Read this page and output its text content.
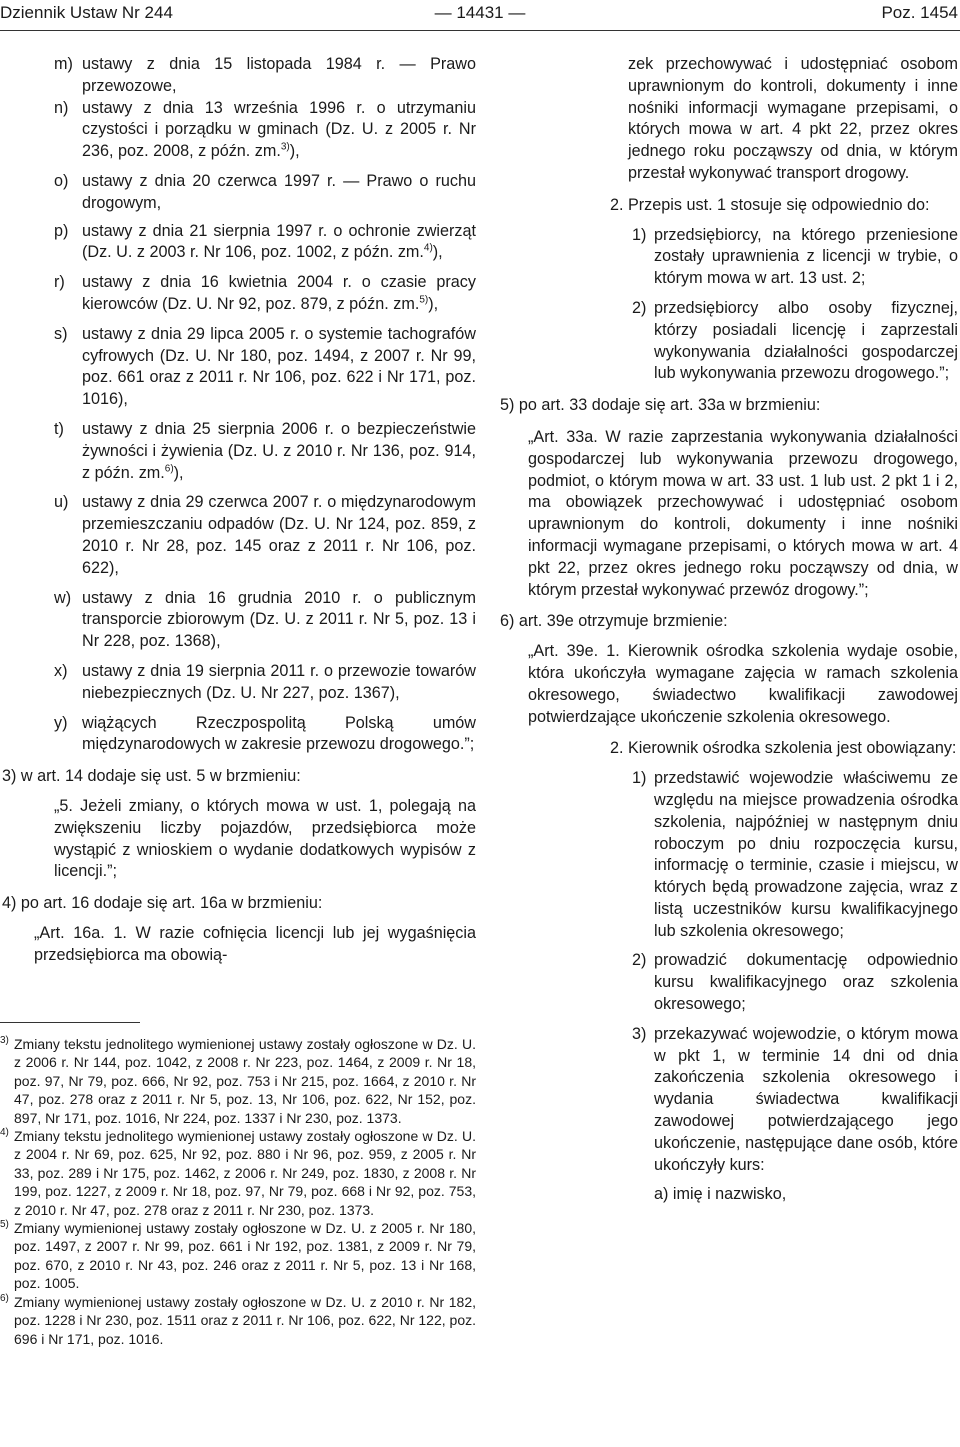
Dziennik Ustaw Nr 244	— 14431 —	Poz. 1454
m) ustawy z dnia 15 listopada 1984 r. — Prawo przewozowe,
n) ustawy z dnia 13 września 1996 r. o utrzymaniu czystości i porządku w gminach (Dz. U. z 2005 r. Nr 236, poz. 2008, z późn. zm.$^{3)}$),
o) ustawy z dnia 20 czerwca 1997 r. — Prawo o ruchu drogowym,
p) ustawy z dnia 21 sierpnia 1997 r. o ochronie zwierząt (Dz. U. z 2003 r. Nr 106, poz. 1002, z późn. zm.$^{4)}$),
r)	ustawy z dnia 16 kwietnia 2004 r. o czasie pracy kierowców (Dz. U. Nr 92, poz. 879, z późn. zm.$^{5)}$),
s) ustawy z dnia 29 lipca 2005 r. o systemie tachografów cyfrowych (Dz. U. Nr 180, poz. 1494, z 2007 r. Nr 99, poz. 661 oraz z 2011 r. Nr 106, poz. 622 i Nr 171, poz. 1016),
t)	ustawy z dnia 25 sierpnia 2006 r. o bezpieczeństwie żywności i żywienia (Dz. U. z 2010 r. Nr 136, poz. 914, z późn. zm.$^{6)}$),
u) ustawy z dnia 29 czerwca 2007 r. o międzynarodowym przemieszczaniu odpadów (Dz. U. Nr 124, poz. 859, z 2010 r. Nr 28, poz. 145 oraz z 2011 r. Nr 106, poz. 622),
w) ustawy z dnia 16 grudnia 2010 r. o publicznym transporcie zbiorowym (Dz. U. z 2011 r. Nr 5, poz. 13 i Nr 228, poz. 1368),
x) ustawy z dnia 19 sierpnia 2011 r. o przewozie towarów niebezpiecznych (Dz. U. Nr 227, poz. 1367),
y) wiążących Rzeczpospolitą Polską umów międzynarodowych w zakresie przewozu drogowego.”;
3) w art. 14 dodaje się ust. 5 w brzmieniu:
„5. Jeżeli zmiany, o których mowa w ust. 1, polegają na zwiększeniu liczby pojazdów, przedsiębiorca może wystąpić z wnioskiem o wydanie dodatkowych wypisów z licencji.”;
4) po art. 16 dodaje się art. 16a w brzmieniu:
„Art. 16a. 1. W razie cofnięcia licencji lub jej wygaśnięcia przedsiębiorca ma obowią-
3) Zmiany tekstu jednolitego wymienionej ustawy zostały ogłoszone w Dz. U. z 2006 r. Nr 144, poz. 1042, z 2008 r. Nr 223, poz. 1464, z 2009 r. Nr 18, poz. 97, Nr 79, poz. 666, Nr 92, poz. 753 i Nr 215, poz. 1664, z 2010 r. Nr 47, poz. 278 oraz z 2011 r. Nr 5, poz. 13, Nr 106, poz. 622, Nr 152, poz. 897, Nr 171, poz. 1016, Nr 224, poz. 1337 i Nr 230, poz. 1373.
4) Zmiany tekstu jednolitego wymienionej ustawy zostały ogłoszone w Dz. U. z 2004 r. Nr 69, poz. 625, Nr 92, poz. 880 i Nr 96, poz. 959, z 2005 r. Nr 33, poz. 289 i Nr 175, poz. 1462, z 2006 r. Nr 249, poz. 1830, z 2008 r. Nr 199, poz. 1227, z 2009 r. Nr 18, poz. 97, Nr 79, poz. 668 i Nr 92, poz. 753, z 2010 r. Nr 47, poz. 278 oraz z 2011 r. Nr 230, poz. 1373.
5) Zmiany wymienionej ustawy zostały ogłoszone w Dz. U. z 2005 r. Nr 180, poz. 1497, z 2007 r. Nr 99, poz. 661 i Nr 192, poz. 1381, z 2009 r. Nr 79, poz. 670, z 2010 r. Nr 43, poz. 246 oraz z 2011 r. Nr 5, poz. 13 i Nr 168, poz. 1005.
6) Zmiany wymienionej ustawy zostały ogłoszone w Dz. U. z 2010 r. Nr 182, poz. 1228 i Nr 230, poz. 1511 oraz z 2011 r. Nr 106, poz. 622, Nr 122, poz. 696 i Nr 171, poz. 1016.
zek przechowywać i udostępniać osobom uprawnionym do kontroli, dokumenty i inne nośniki informacji wymagane przepisami, o których mowa w art. 4 pkt 22, przez okres jednego roku począwszy od dnia, w którym przestał wykonywać transport drogowy.
2. Przepis ust. 1 stosuje się odpowiednio do:
1) przedsiębiorcy, na którego przeniesione zostały uprawnienia z licencji w trybie, o którym mowa w art. 13 ust. 2;
2) przedsiębiorcy albo osoby fizycznej, którzy posiadali licencję i zaprzestali wykonywania działalności gospodarczej lub wykonywania przewozu drogowego.”;
5) po art. 33 dodaje się art. 33a w brzmieniu:
„Art. 33a. W razie zaprzestania wykonywania działalności gospodarczej lub wykonywania przewozu drogowego, podmiot, o którym mowa w art. 33 ust. 1 lub ust. 2 pkt 1 i 2, ma obowiązek przechowywać i udostępniać osobom uprawnionym do kontroli, dokumenty i inne nośniki informacji wymagane przepisami, o których mowa w art. 4 pkt 22, przez okres jednego roku począwszy od dnia, w którym przestał wykonywać przewóz drogowy.”;
6) art. 39e otrzymuje brzmienie:
„Art. 39e. 1. Kierownik ośrodka szkolenia wydaje osobie, która ukończyła wymagane zajęcia w ramach szkolenia okresowego, świadectwo kwalifikacji zawodowej potwierdzające ukończenie szkolenia okresowego.
2. Kierownik ośrodka szkolenia jest obowiązany:
1) przedstawić wojewodzie właściwemu ze względu na miejsce prowadzenia ośrodka szkolenia, najpóźniej w następnym dniu roboczym po dniu rozpoczęcia kursu, informację o terminie, czasie i miejscu, w których będą prowadzone zajęcia, wraz z listą uczestników kursu kwalifikacyjnego lub szkolenia okresowego;
2) prowadzić dokumentację odpowiednio kursu kwalifikacyjnego oraz szkolenia okresowego;
3) przekazywać wojewodzie, o którym mowa w pkt 1, w terminie 14 dni od dnia zakończenia szkolenia okresowego i wydania świadectwa kwalifikacji zawodowej potwierdzającego jego ukończenie, następujące dane osób, które ukończyły kurs:
a) imię i nazwisko,
